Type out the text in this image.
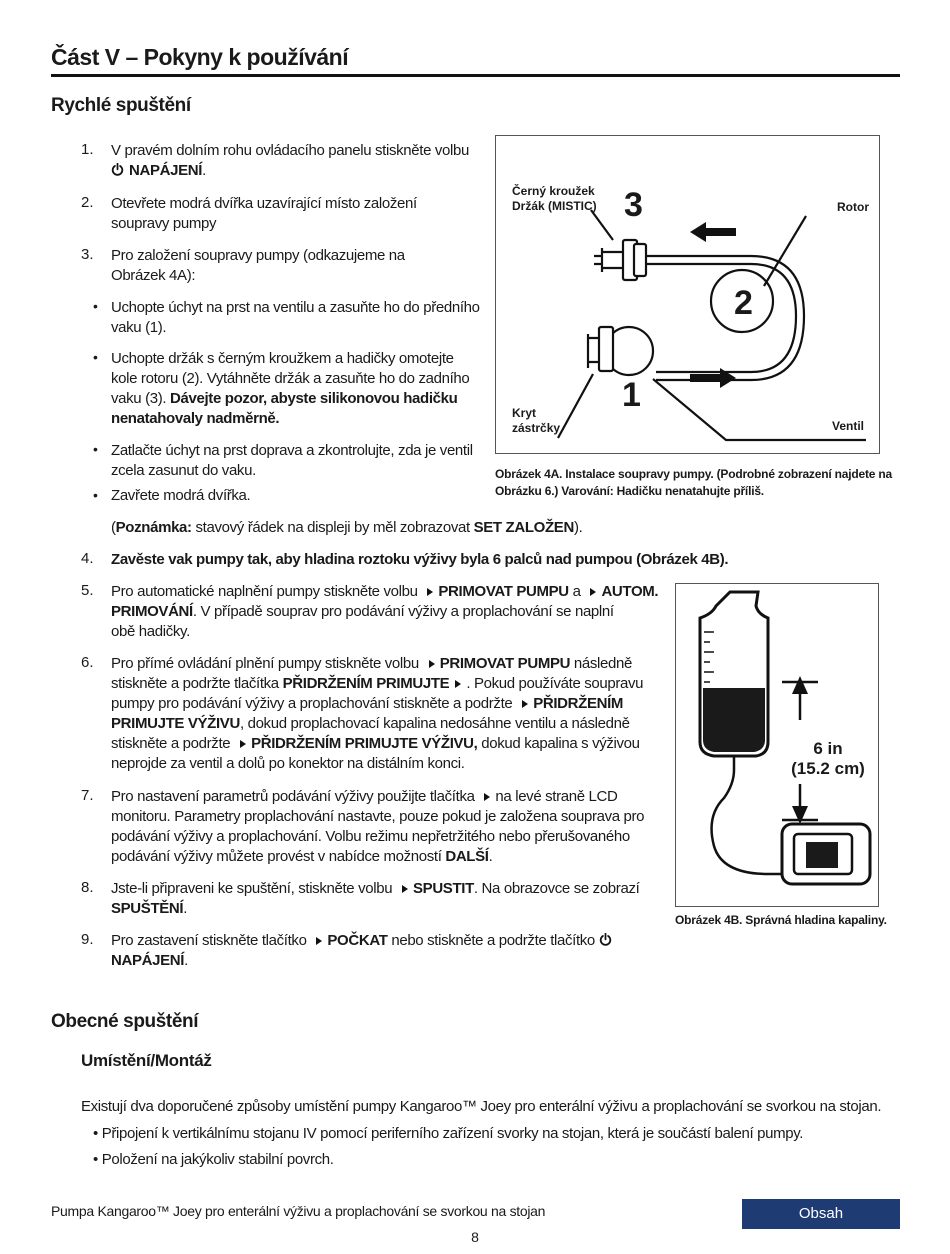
Část V – Pokyny k používání
Rychlé spuštění
1. V pravém dolním rohu ovládacího panelu stiskněte volbu
NAPÁJENÍ.
2. Otevřete modrá dvířka uzavírající místo založení
soupravy pumpy
3. Pro založení soupravy pumpy (odkazujeme na
Obrázek 4A):
• Uchopte úchyt na prst na ventilu a zasuňte ho do předního
vaku (1).
• Uchopte držák s černým kroužkem a hadičky omotejte
kole rotoru (2). Vytáhněte držák a zasuňte ho do zadního
vaku (3). Dávejte pozor, abyste silikonovou hadičku
nenatahovaly nadměrně.
• Zatlačte úchyt na prst doprava a zkontrolujte, zda je ventil
zcela zasunut do vaku.
• Zavřete modrá dvířka.
(Poznámka: stavový řádek na displeji by měl zobrazovat SET ZALOŽEN).
4. Zavěste vak pumpy tak, aby hladina roztoku výživy byla 6 palců nad pumpou (Obrázek 4B).
5. Pro automatické naplnění pumpy stiskněte volbu PRIMOVAT PUMPU a AUTOM.
PRIMOVÁNÍ. V případě souprav pro podávání výživy a proplachování se naplní
obě hadičky.
6. Pro přímé ovládání plnění pumpy stiskněte volbu PRIMOVAT PUMPU následně
stiskněte a podržte tlačítka PŘIDRŽENÍM PRIMUJTE . Pokud používáte soupravu
pumpy pro podávání výživy a proplachování stiskněte a podržte PŘIDRŽENÍM
PRIMUJTE VÝŽIVU, dokud proplachovací kapalina nedosáhne ventilu a následně
stiskněte a podržte PŘIDRŽENÍM PRIMUJTE VÝŽIVU, dokud kapalina s výživou
neprojde za ventil a dolů po konektor na distálním konci.
7. Pro nastavení parametrů podávání výživy použijte tlačítka na levé straně LCD
monitoru. Parametry proplachování nastavte, pouze pokud je založena souprava pro
podávání výživy a proplachování. Volbu režimu nepřetržitého nebo přerušovaného
podávání výživy můžete provést v nabídce možností DALŠÍ.
8. Jste-li připraveni ke spuštění, stiskněte volbu SPUSTIT. Na obrazovce se zobrazí
SPUŠTĚNÍ.
9. Pro zastavení stiskněte tlačítko POČKAT nebo stiskněte a podržte tlačítko
NAPÁJENÍ.
Černý kroužek
Držák (MISTIC)	Rotor
Kryt
zástrčky	Ventil
3
2
1
Obrázek 4A. Instalace soupravy pumpy. (Podrobné zobrazení najdete na
Obrázku 6.) Varování: Hadičku nenatahujte příliš.
6 in
(15.2 cm)
Obrázek 4B. Správná hladina kapaliny.
Obecné spuštění
Umístění/Montáž
Existují dva doporučené způsoby umístění pumpy Kangaroo™ Joey pro enterální výživu a proplachování se svorkou na stojan.
• Připojení k vertikálnímu stojanu IV pomocí periferního zařízení svorky na stojan, která je součástí balení pumpy.
• Položení na jakýkoliv stabilní povrch.
Pumpa Kangaroo™ Joey pro enterální výživu a proplachování se svorkou na stojan	Obsah
8
